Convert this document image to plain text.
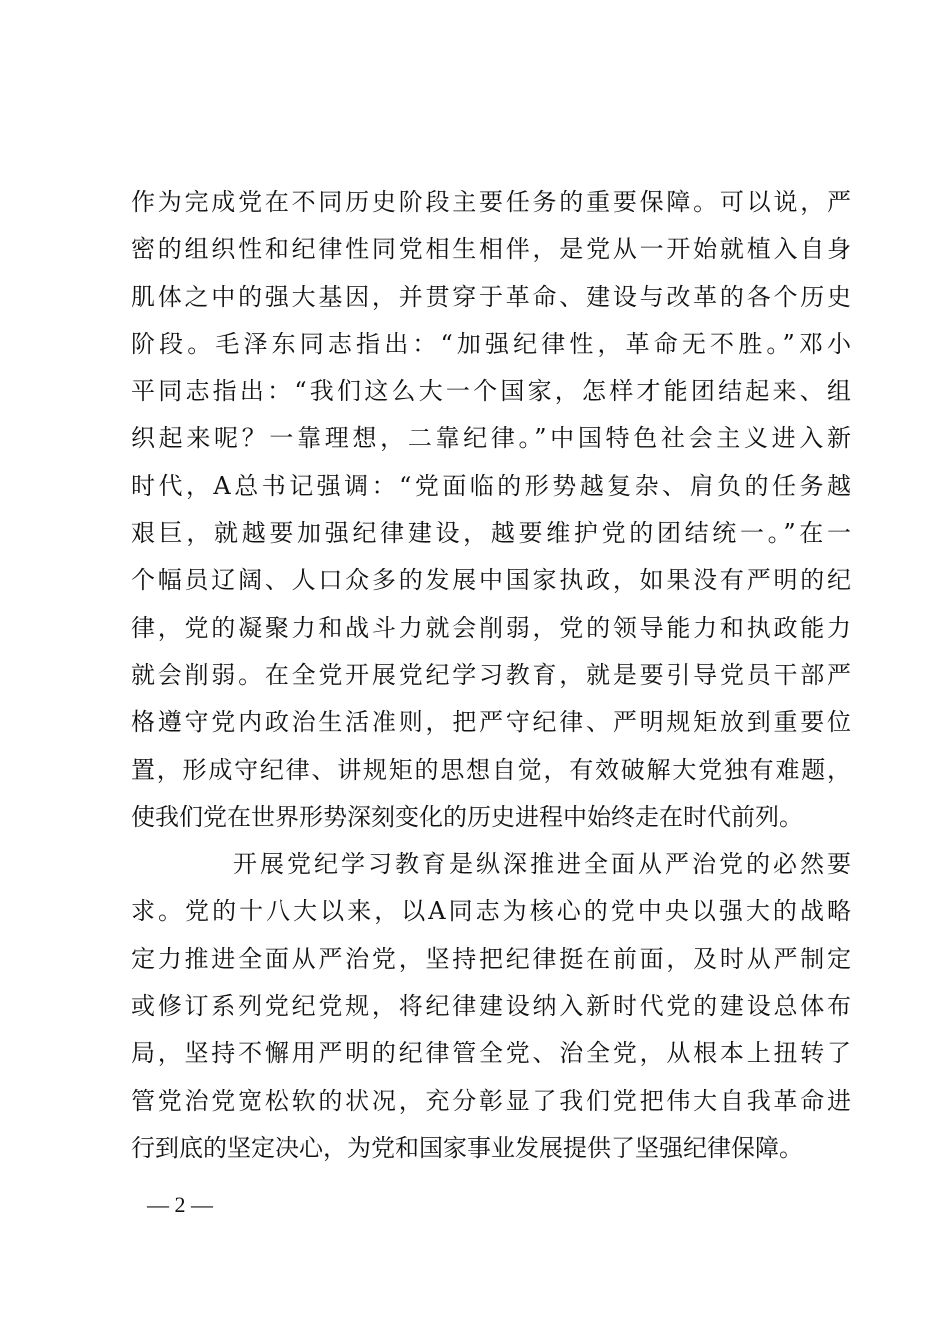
作为完成党在不同历史阶段主要任务的重要保障。可以说，严
密的组织性和纪律性同党相生相伴，是党从一开始就植入自身
肌体之中的强大基因，并贯穿于革命、建设与改革的各个历史
阶段。毛泽东同志指出：“加强纪律性，革命无不胜。”邓小
平同志指出：“我们这么大一个国家，怎样才能团结起来、组
织起来呢？一靠理想，二靠纪律。”中国特色社会主义进入新
时代，A总书记强调：“党面临的形势越复杂、肩负的任务越
艰巨，就越要加强纪律建设，越要维护党的团结统一。”在一
个幅员辽阔、人口众多的发展中国家执政，如果没有严明的纪
律，党的凝聚力和战斗力就会削弱，党的领导能力和执政能力
就会削弱。在全党开展党纪学习教育，就是要引导党员干部严
格遵守党内政治生活准则，把严守纪律、严明规矩放到重要位
置，形成守纪律、讲规矩的思想自觉，有效破解大党独有难题，
使我们党在世界形势深刻变化的历史进程中始终走在时代前列。
开展党纪学习教育是纵深推进全面从严治党的必然要
求。党的十八大以来，以A同志为核心的党中央以强大的战略
定力推进全面从严治党，坚持把纪律挺在前面，及时从严制定
或修订系列党纪党规，将纪律建设纳入新时代党的建设总体布
局，坚持不懈用严明的纪律管全党、治全党，从根本上扭转了
管党治党宽松软的状况，充分彰显了我们党把伟大自我革命进
行到底的坚定决心，为党和国家事业发展提供了坚强纪律保障。
— 2 —
